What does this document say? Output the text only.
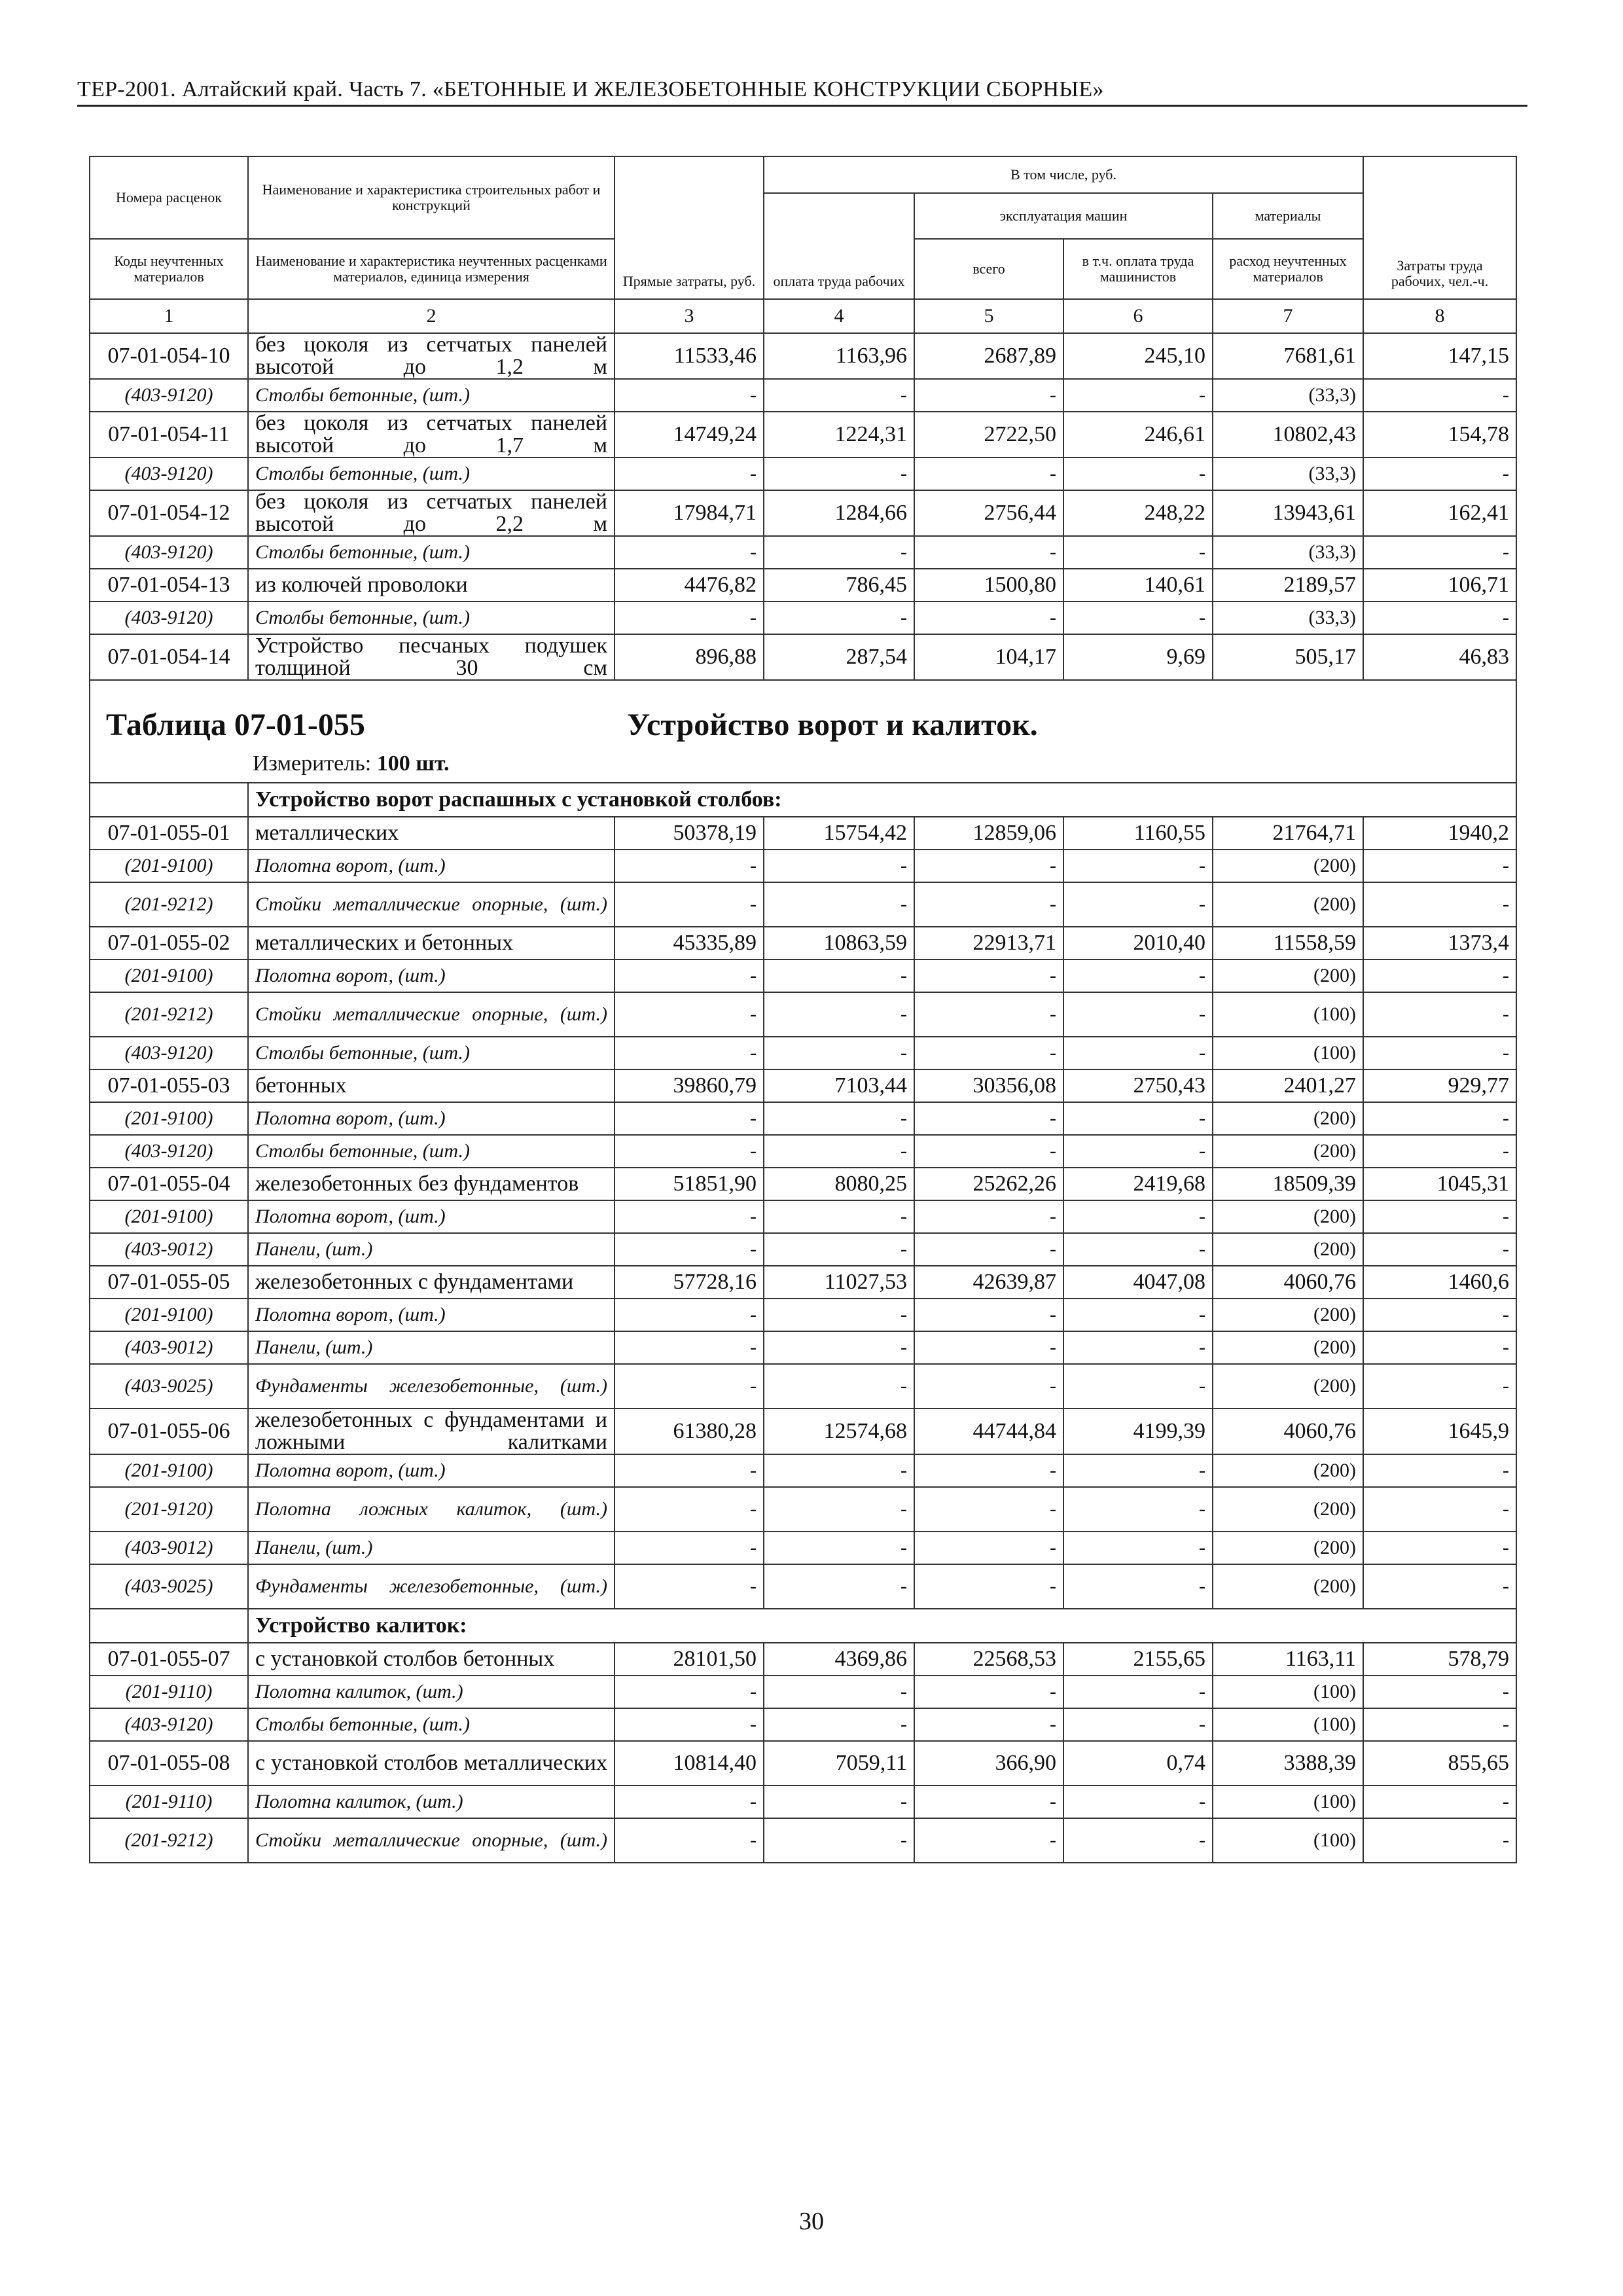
ТЕР-2001. Алтайский край. Часть 7. «БЕТОННЫЕ И ЖЕЛЕЗОБЕТОННЫЕ КОНСТРУКЦИИ СБОРНЫЕ»
Номера расценок	Наименование и характеристика строительных работ и конструкций	Прямые затраты, руб.	В том числе, руб.				Затраты труда рабочих, чел.-ч.
			оплата труда рабочих	эксплуатация машин		материалы	
Коды неучтенных материалов	Наименование и характеристика неучтенных расценками материалов, единица измерения			всего	в т.ч. оплата труда машинистов	расход неучтенных материалов	
1	2	3	4	5	6	7	8
07-01-054-10	без цоколя из сетчатых панелей высотой до 1,2 м	11533,46	1163,96	2687,89	245,10	7681,61	147,15
(403-9120)	Столбы бетонные, (шт.)	-	-	-	-	(33,3)	-
07-01-054-11	без цоколя из сетчатых панелей высотой до 1,7 м	14749,24	1224,31	2722,50	246,61	10802,43	154,78
(403-9120)	Столбы бетонные, (шт.)	-	-	-	-	(33,3)	-
07-01-054-12	без цоколя из сетчатых панелей высотой до 2,2 м	17984,71	1284,66	2756,44	248,22	13943,61	162,41
(403-9120)	Столбы бетонные, (шт.)	-	-	-	-	(33,3)	-
07-01-054-13	из колючей проволоки	4476,82	786,45	1500,80	140,61	2189,57	106,71
(403-9120)	Столбы бетонные, (шт.)	-	-	-	-	(33,3)	-
07-01-054-14	Устройство песчаных подушек толщиной 30 см	896,88	287,54	104,17	9,69	505,17	46,83

Таблица 07-01-055 Устройство ворот и калиток.
Измеритель: 100 шт.							

	Устройство ворот распашных с установкой столбов:						
07-01-055-01	металлических	50378,19	15754,42	12859,06	1160,55	21764,71	1940,2
(201-9100)	Полотна ворот, (шт.)	-	-	-	-	(200)	-
(201-9212)	Стойки металлические опорные, (шт.)	-	-	-	-	(200)	-
07-01-055-02	металлических и бетонных	45335,89	10863,59	22913,71	2010,40	11558,59	1373,4
(201-9100)	Полотна ворот, (шт.)	-	-	-	-	(200)	-
(201-9212)	Стойки металлические опорные, (шт.)	-	-	-	-	(100)	-
(403-9120)	Столбы бетонные, (шт.)	-	-	-	-	(100)	-
07-01-055-03	бетонных	39860,79	7103,44	30356,08	2750,43	2401,27	929,77
(201-9100)	Полотна ворот, (шт.)	-	-	-	-	(200)	-
(403-9120)	Столбы бетонные, (шт.)	-	-	-	-	(200)	-
07-01-055-04	железобетонных без фундаментов	51851,90	8080,25	25262,26	2419,68	18509,39	1045,31
(201-9100)	Полотна ворот, (шт.)	-	-	-	-	(200)	-
(403-9012)	Панели, (шт.)	-	-	-	-	(200)	-
07-01-055-05	железобетонных с фундаментами	57728,16	11027,53	42639,87	4047,08	4060,76	1460,6
(201-9100)	Полотна ворот, (шт.)	-	-	-	-	(200)	-
(403-9012)	Панели, (шт.)	-	-	-	-	(200)	-
(403-9025)	Фундаменты железобетонные, (шт.)	-	-	-	-	(200)	-
07-01-055-06	железобетонных с фундаментами и ложными калитками	61380,28	12574,68	44744,84	4199,39	4060,76	1645,9
(201-9100)	Полотна ворот, (шт.)	-	-	-	-	(200)	-
(201-9120)	Полотна ложных калиток, (шт.)	-	-	-	-	(200)	-
(403-9012)	Панели, (шт.)	-	-	-	-	(200)	-
(403-9025)	Фундаменты железобетонные, (шт.)	-	-	-	-	(200)	-
	Устройство калиток:						
07-01-055-07	с установкой столбов бетонных	28101,50	4369,86	22568,53	2155,65	1163,11	578,79
(201-9110)	Полотна калиток, (шт.)	-	-	-	-	(100)	-
(403-9120)	Столбы бетонные, (шт.)	-	-	-	-	(100)	-
07-01-055-08	с установкой столбов металлических	10814,40	7059,11	366,90	0,74	3388,39	855,65
(201-9110)	Полотна калиток, (шт.)	-	-	-	-	(100)	-
(201-9212)	Стойки металлические опорные, (шт.)	-	-	-	-	(100)	-
30
